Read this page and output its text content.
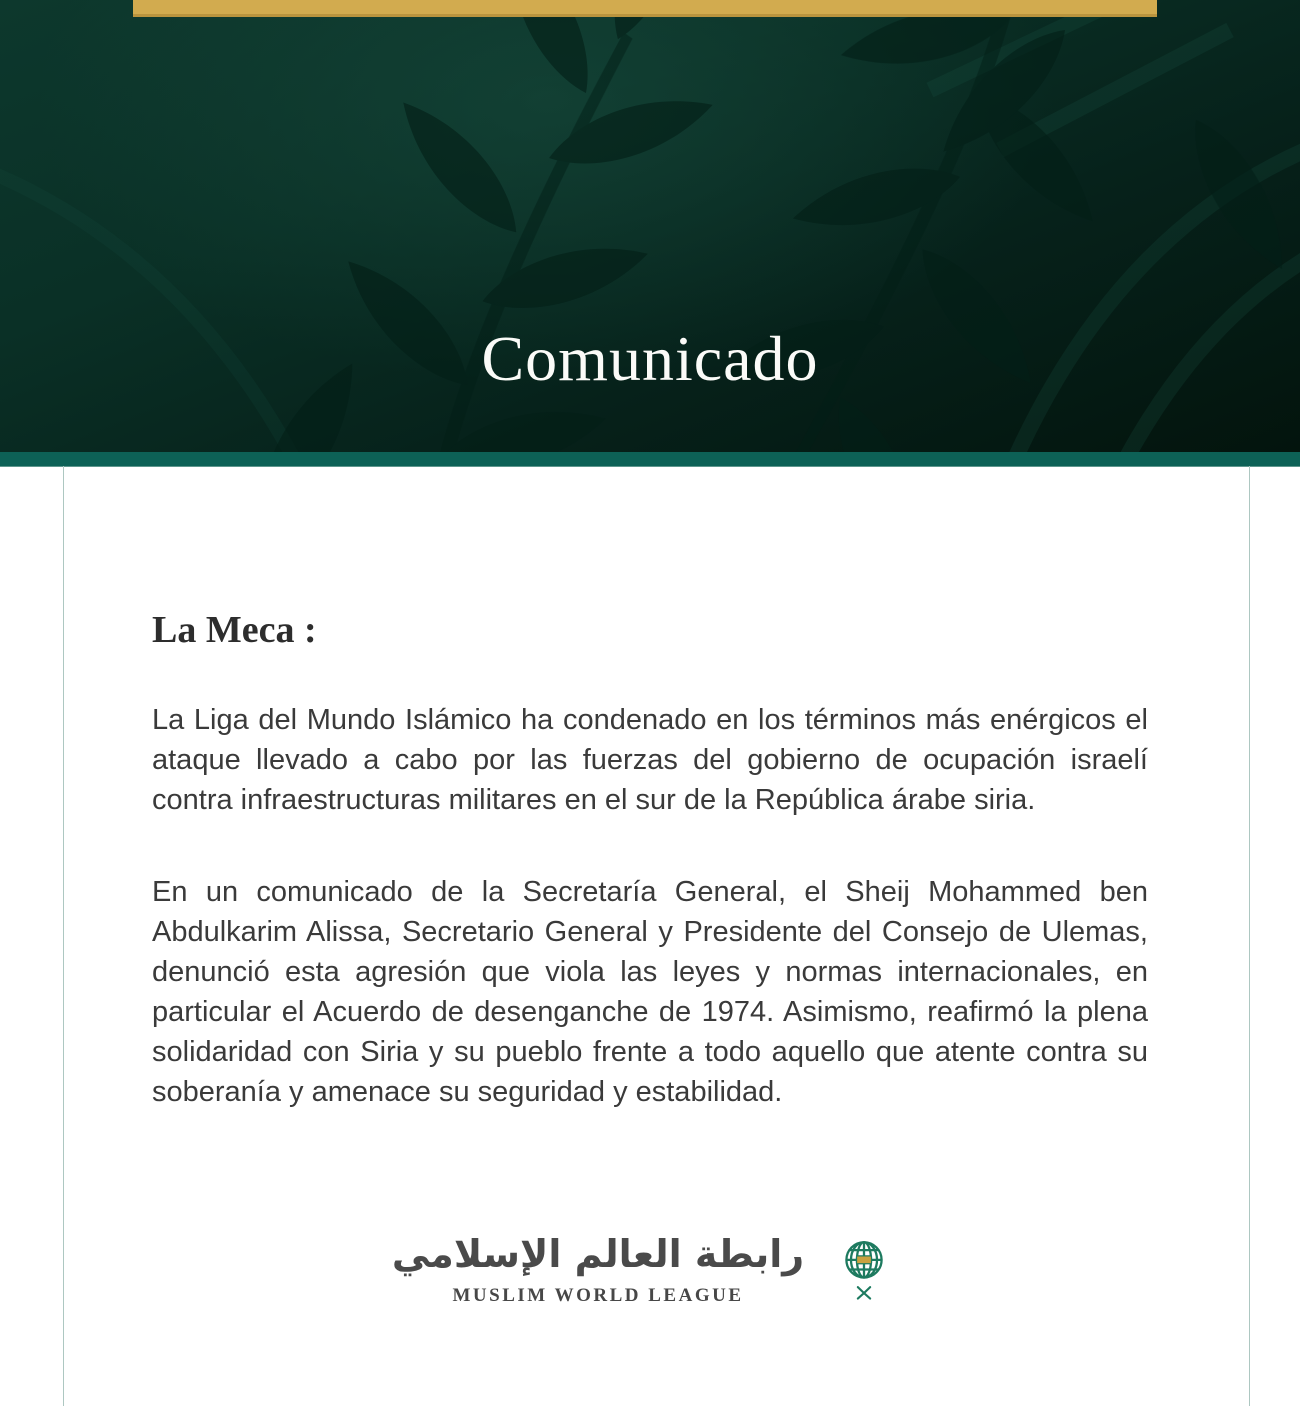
Comunicado
La Meca :

La Liga del Mundo Islámico ha condenado en los términos más enérgicos el ataque llevado a cabo por las fuerzas del gobierno de ocupación israelí contra infraestructuras militares en el sur de la República árabe siria.

En un comunicado de la Secretaría General, el Sheij Mohammed ben Abdulkarim Alissa, Secretario General y Presidente del Consejo de Ulemas, denunció esta agresión que viola las leyes y normas internacionales, en particular el Acuerdo de desenganche de 1974. Asimismo, reafirmó la plena solidaridad con Siria y su pueblo frente a todo aquello que atente contra su soberanía y amenace su seguridad y estabilidad.

رابطة العالم الإسلامي
MUSLIM WORLD LEAGUE
